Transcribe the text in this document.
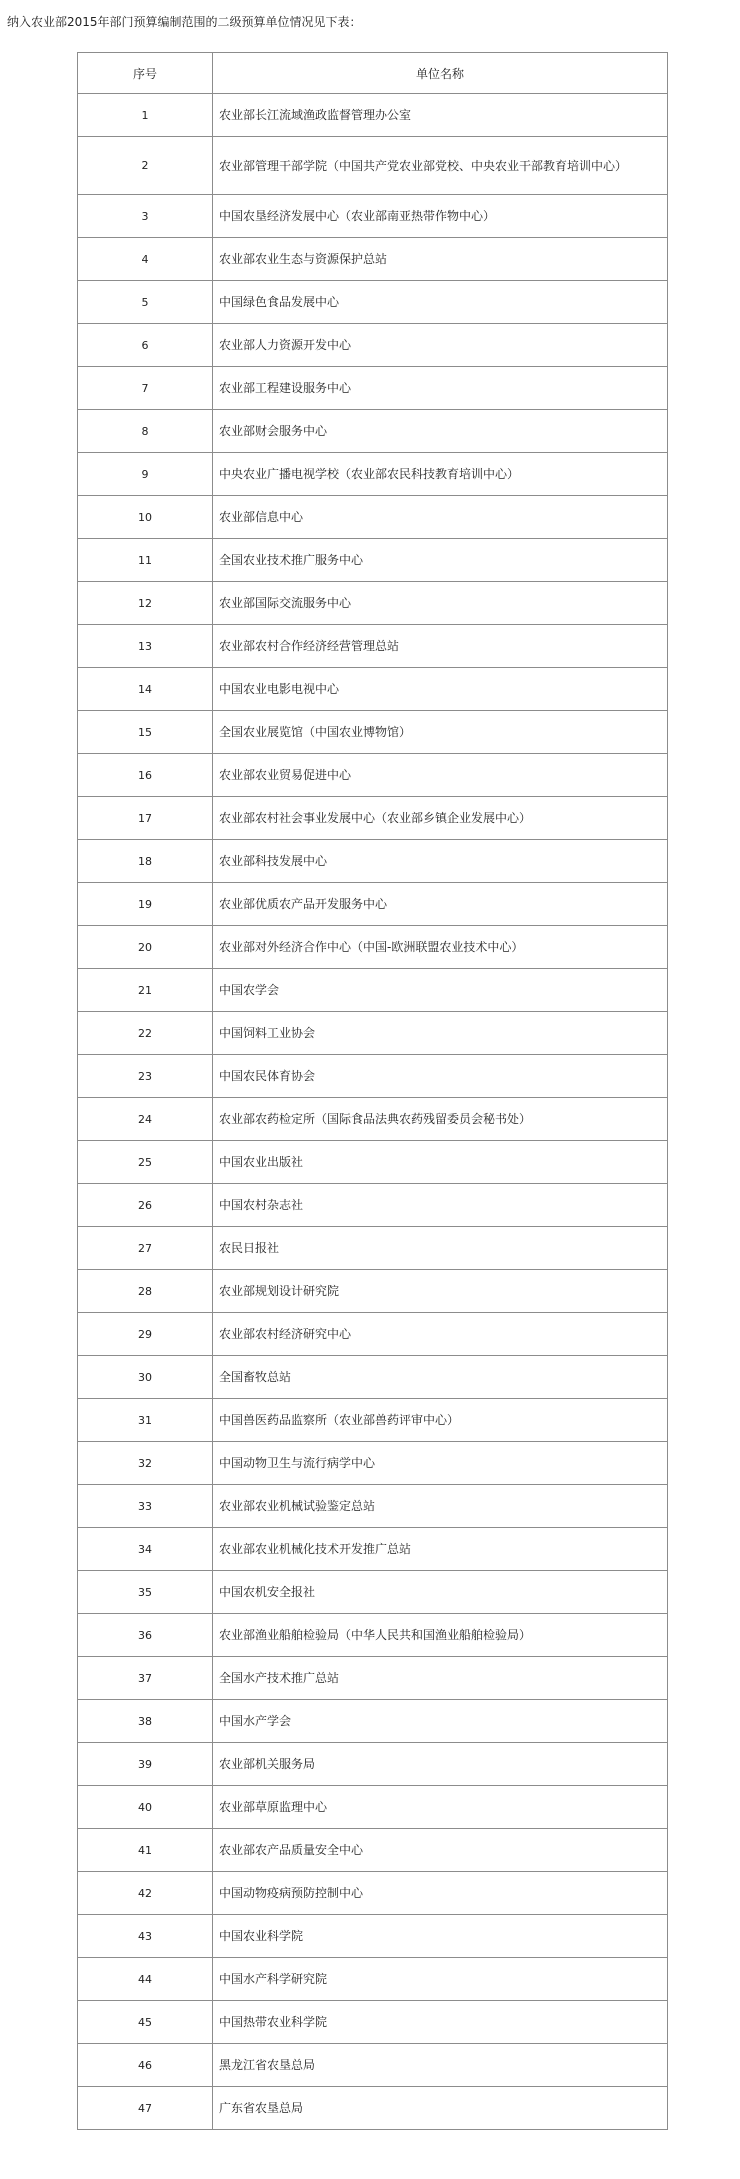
纳入农业部2015年部门预算编制范围的二级预算单位情况见下表：
序号	单位名称
1	农业部长江流域渔政监督管理办公室
2	农业部管理干部学院（中国共产党农业部党校、中央农业干部教育培训中心）
3	中国农垦经济发展中心（农业部南亚热带作物中心）
4	农业部农业生态与资源保护总站
5	中国绿色食品发展中心
6	农业部人力资源开发中心
7	农业部工程建设服务中心
8	农业部财会服务中心
9	中央农业广播电视学校（农业部农民科技教育培训中心）
10	农业部信息中心
11	全国农业技术推广服务中心
12	农业部国际交流服务中心
13	农业部农村合作经济经营管理总站
14	中国农业电影电视中心
15	全国农业展览馆（中国农业博物馆）
16	农业部农业贸易促进中心
17	农业部农村社会事业发展中心（农业部乡镇企业发展中心）
18	农业部科技发展中心
19	农业部优质农产品开发服务中心
20	农业部对外经济合作中心（中国-欧洲联盟农业技术中心）
21	中国农学会
22	中国饲料工业协会
23	中国农民体育协会
24	农业部农药检定所（国际食品法典农药残留委员会秘书处）
25	中国农业出版社
26	中国农村杂志社
27	农民日报社
28	农业部规划设计研究院
29	农业部农村经济研究中心
30	全国畜牧总站
31	中国兽医药品监察所（农业部兽药评审中心）
32	中国动物卫生与流行病学中心
33	农业部农业机械试验鉴定总站
34	农业部农业机械化技术开发推广总站
35	中国农机安全报社
36	农业部渔业船舶检验局（中华人民共和国渔业船舶检验局）
37	全国水产技术推广总站
38	中国水产学会
39	农业部机关服务局
40	农业部草原监理中心
41	农业部农产品质量安全中心
42	中国动物疫病预防控制中心
43	中国农业科学院
44	中国水产科学研究院
45	中国热带农业科学院
46	黑龙江省农垦总局
47	广东省农垦总局
